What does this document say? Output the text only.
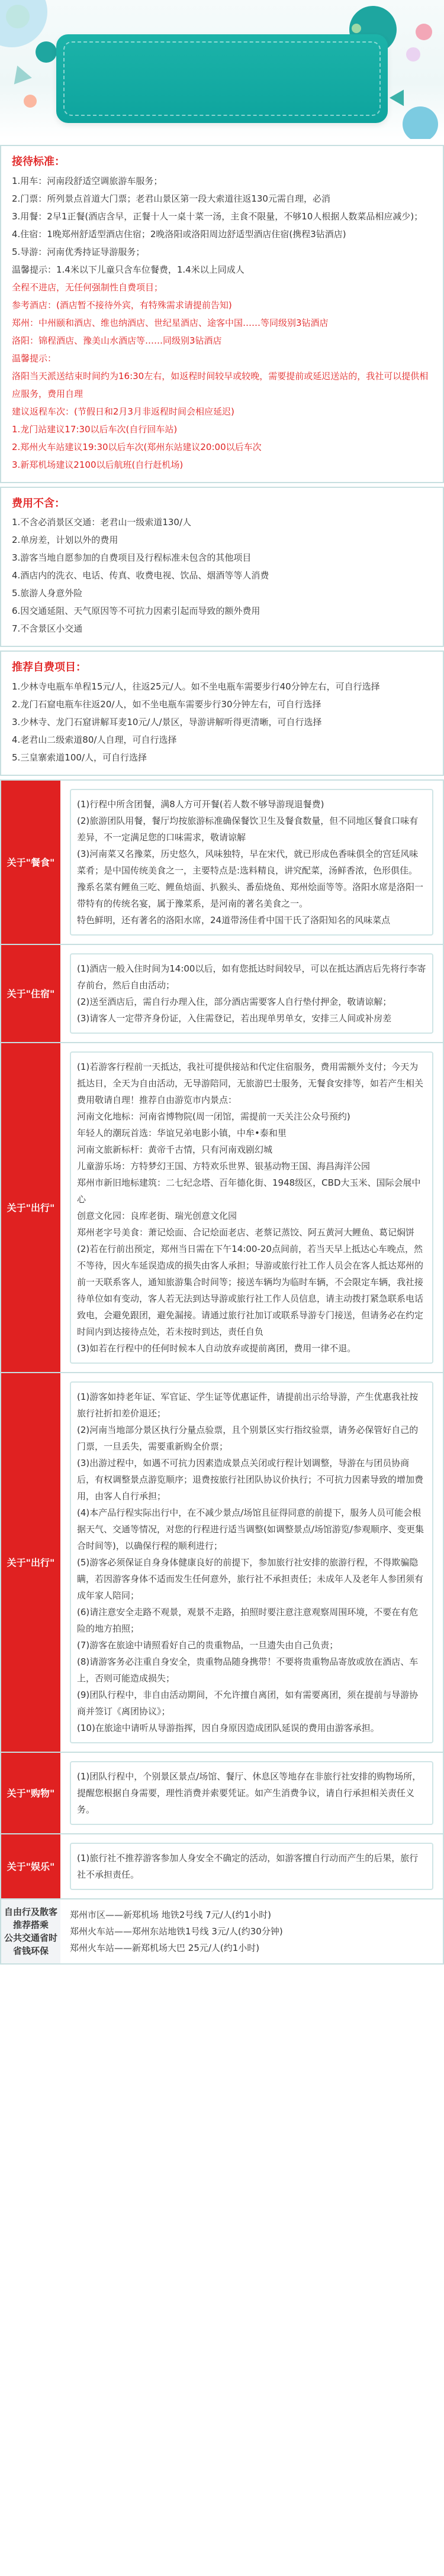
接待标准：
1.用车：河南段舒适空调旅游车服务；
2.门票：所列景点首道大门票；老君山景区第一段大索道往返130元需自理，必消
3.用餐：2早1正餐(酒店含早，正餐十人一桌十菜一汤，主食不限量，不够10人根据人数菜品相应减少)；
4.住宿：1晚郑州舒适型酒店住宿；2晚洛阳或洛阳周边舒适型酒店住宿(携程3钻酒店)
5.导游：河南优秀持证导游服务；
温馨提示：1.4米以下儿童只含车位餐费，1.4米以上同成人
全程不进店，无任何强制性自费项目；
参考酒店：(酒店暂不接待外宾，有特殊需求请提前告知)
郑州：中州颐和酒店、维也纳酒店、世纪星酒店、途客中国……等同级别3钻酒店
洛阳：锦程酒店、豫美山水酒店等……同级别3钻酒店
温馨提示：
洛阳当天派送结束时间约为16:30左右，如返程时间较早或较晚，需要提前或延迟送站的，我社可以提供相应服务，费用自理
建议返程车次：(节假日和2月3月非返程时间会相应延迟)
1.龙门站建议17:30以后车次(自行回车站)
2.郑州火车站建议19:30以后车次(郑州东站建议20:00以后车次
3.新郑机场建议2100以后航班(自行赶机场)
费用不含：
1.不含必消景区交通：老君山一级索道130/人
2.单房差，计划以外的费用
3.游客当地自愿参加的自费项目及行程标准未包含的其他项目
4.酒店内的洗衣、电话、传真、收费电视、饮品、烟酒等等人消费
5.旅游人身意外险
6.因交通延阻、天气原因等不可抗力因素引起而导致的额外费用
7.不含景区小交通
推荐自费项目：
1.少林寺电瓶车单程15元/人，往返25元/人。如不坐电瓶车需要步行40分钟左右，可自行选择
2.龙门石窟电瓶车往返20/人，如不坐电瓶车需要步行30分钟左右，可自行选择
3.少林寺、龙门石窟讲解耳麦10元/人/景区，导游讲解听得更清晰，可自行选择
4.老君山二级索道80/人自理，可自行选择
5.三皇寨索道100/人，可自行选择
关于"餐食"
(1)行程中所含团餐，满8人方可开餐(若人数不够导游现退餐费)
(2)旅游团队用餐，餐厅均按旅游标准确保餐饮卫生及餐食数量，但不同地区餐食口味有差异，不一定满足您的口味需求，敬请谅解
(3)河南菜又名豫菜，历史悠久，风味独特，早在宋代，就已形成色香味俱全的宫廷风味菜肴；是中国传统美食之一，主要特点是:选料精良，讲究配菜，汤鲜香浓，色形俱佳。豫系名菜有鲤鱼三吃、鲤鱼焙面、扒猴头、番茄烧鱼、郑州烩面等等。洛阳水席是洛阳一带特有的传统名宴，属于豫菜系，是河南的著名美食之一。
特色鲜明，还有著名的洛阳水席，24道带汤佳肴中国干氏了洛阳知名的风味菜点
关于"住宿"
(1)酒店一般入住时间为14:00以后，如有您抵达时间较早，可以在抵达酒店后先将行李寄存前台，然后自由活动；
(2)送至酒店后，需自行办理入住，部分酒店需要客人自行垫付押金，敬请谅解；
(3)请客人一定带齐身份证，入住需登记，若出现单男单女，安排三人间或补房差
关于"出行"
(1)若游客行程前一天抵达，我社可提供接站和代定住宿服务，费用需额外支付；今天为抵达日，全天为自由活动，无导游陪同，无旅游巴士服务，无餐食安排等，如若产生相关费用敬请自理！推荐自由游览市内景点：
河南文化地标：河南省博物院(周一闭馆，需提前一天关注公众号预约)
年轻人的潮玩首选：华谊兄弟电影小镇，中牟•泰和里
河南文旅新标杆：黄帝千古情，只有河南戏剧幻城
儿童游乐场：方特梦幻王国、方特欢乐世界、银基动物王国、海昌海洋公园
郑州市新旧地标建筑：二七纪念塔、百年德化街、1948级区，CBD大玉米、国际会展中心
创意文化园：良库老街、瑞光创意文化园
郑州老字号美食：萧记烩面、合记烩面老店、老蔡记蒸饺、阿五黄河大鲤鱼、葛记焖饼
(2)若在行前出预定，郑州当日需在下午14:00-20点间前，若当天早上抵达心车晚点，然不等待，因火车延误造成的损失由客人承担；导游或旅行社工作人员会在客人抵达郑州的前一天联系客人，通知旅游集合时间等；接送车辆均为临时车辆，不会限定车辆，我社接待单位如有变动，客人若无法到达导游或旅行社工作人员信息，请主动拨打紧急联系电话致电，会避免跟团，避免漏接。请通过旅行社加订或联系导游专门接送，但请务必在约定时间内到达接待点处，若未按时到达，责任自负
(3)如若在行程中的任何时候本人自动放弃或提前离团，费用一律不退。
关于"出行"
(1)游客如持老年证、军官证、学生证等优惠证件，请提前出示给导游，产生优惠我社按旅行社折扣差价退还；
(2)河南当地部分景区执行分量点验票，且个别景区实行指纹验票，请务必保管好自己的门票，一旦丢失，需要重新购全价票；
(3)出游过程中，如遇不可抗力因素造成景点关闭或行程计划调整，导游在与团员协商后，有权调整景点游览顺序；退费按旅行社团队协议价执行；不可抗力因素导致的增加费用，由客人自行承担；
(4)本产品行程实际出行中，在不减少景点/场馆且征得同意的前提下，服务人员可能会根据天气、交通等情况，对您的行程进行适当调整(如调整景点/场馆游览/参观顺序、变更集合时间等)，以确保行程的顺利进行；
(5)游客必须保证自身身体健康良好的前提下，参加旅行社安排的旅游行程，不得欺骗隐瞒，若因游客身体不适而发生任何意外，旅行社不承担责任；未成年人及老年人参团须有成年家人陪同；
(6)请注意安全走路不观景，观景不走路，拍照时要注意注意观察周围环境，不要在有危险的地方拍照；
(7)游客在旅途中请照看好自己的贵重物品，一旦遗失由自己负责；
(8)请游客务必注重自身安全，贵重物品随身携带！不要将贵重物品寄放或放在酒店、车上，否则可能造成损失；
(9)团队行程中，非自由活动期间，不允许擅自离团，如有需要离团，须在提前与导游协商并签订《离团协议》；
(10)在旅途中请听从导游指挥，因自身原因造成团队延误的费用由游客承担。
关于"购物"
(1)团队行程中，个别景区景点/场馆、餐厅、休息区等地存在非旅行社安排的购物场所，提醒您根据自身需要，理性消费并索要凭证。如产生消费争议，请自行承担相关责任义务。
关于"娱乐"
(1)旅行社不推荐游客参加人身安全不确定的活动，如游客擅自行动而产生的后果，旅行社不承担责任。
自由行及散客推荐搭乘
公共交通省时省钱环保
郑州市区——新郑机场 地铁2号线 7元/人(约1小时)
郑州火车站——郑州东站地铁1号线 3元/人(约30分钟)
郑州火车站——新郑机场大巴 25元/人(约1小时)
